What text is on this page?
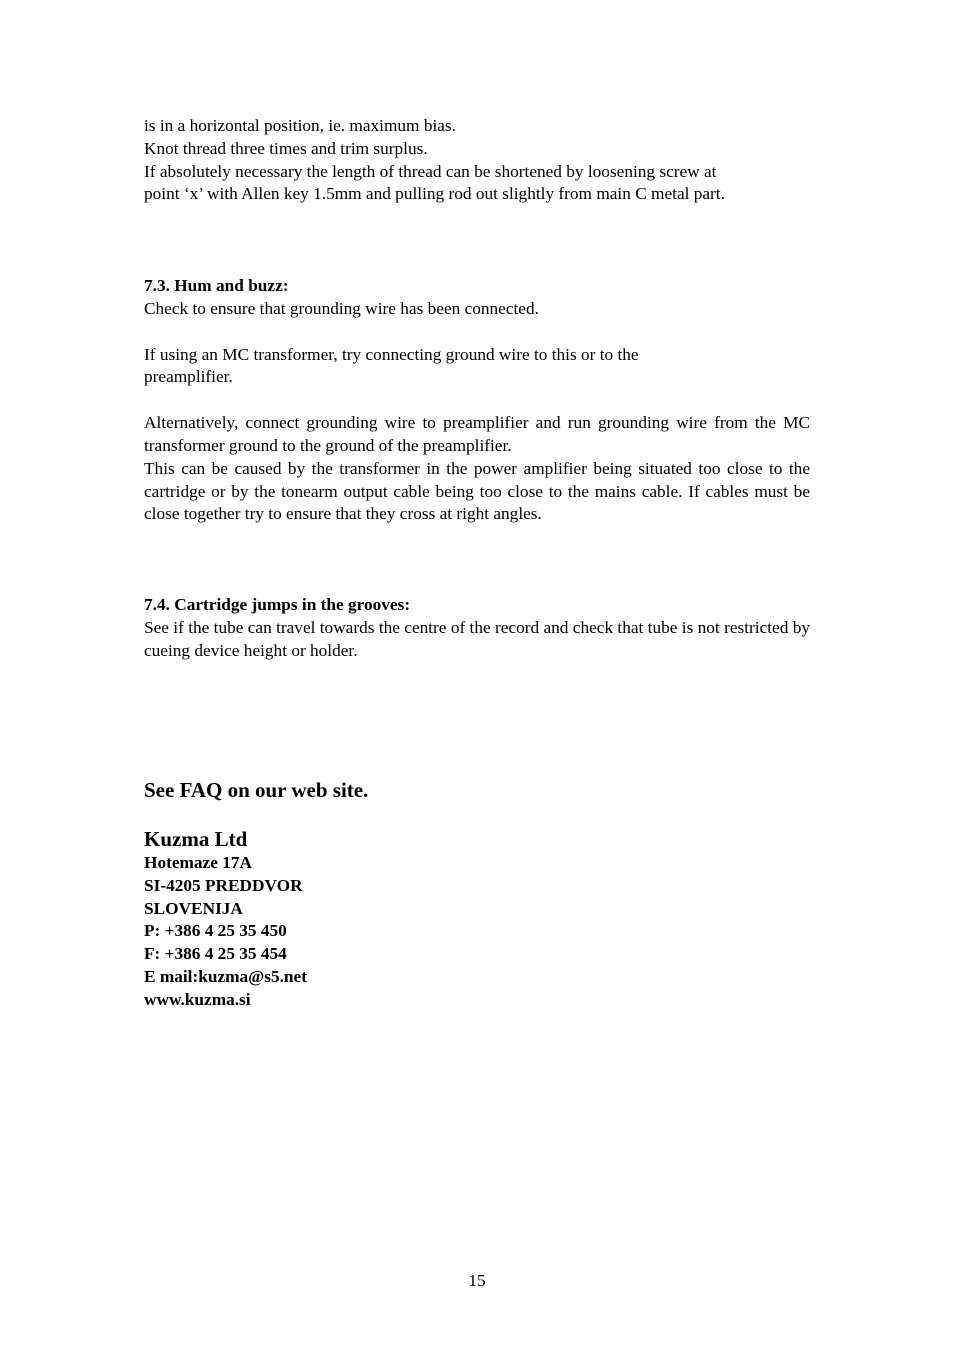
is in a horizontal position, ie. maximum bias.

Knot thread three times and trim surplus.

If absolutely necessary the length of thread can be shortened by loosening screw at

point ‘x’ with Allen key 1.5mm and pulling rod out slightly from main C metal part.

7.3. Hum and buzz:

Check to ensure that grounding wire has been connected.

If using an MC transformer, try connecting ground wire to this or to the

preamplifier.

Alternatively, connect grounding wire to preamplifier and run grounding wire from the MC transformer ground to the ground of the preamplifier.

This can be caused by the transformer in the power amplifier being situated too close to the cartridge or by the tonearm output cable being too close to the mains cable. If cables must be close together try to ensure that they cross at right angles.

7.4. Cartridge jumps in the grooves:

See if the tube can travel towards the centre of the record and check that tube is not restricted by cueing device height or holder.

See FAQ on our web site.

Kuzma Ltd

Hotemaze 17A
SI-4205 PREDDVOR
SLOVENIJA
P: +386 4 25 35 450
F: +386 4 25 35 454
E mail:kuzma@s5.net
www.kuzma.si
15
